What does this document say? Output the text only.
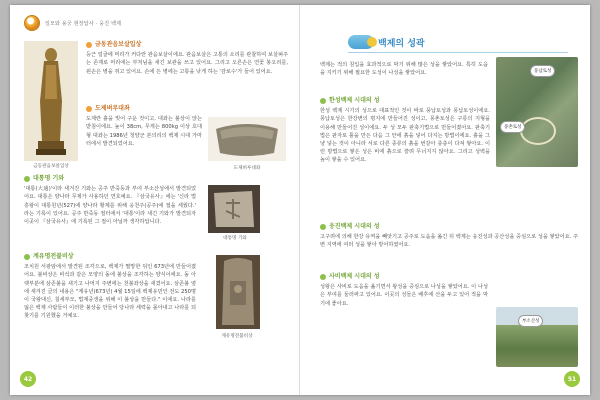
일모와 용궁 현장답사 · 웅진 백제
금동관음보살입상
금동관음보살입상

등근 얼굴에 머리가 커다란 관음보살이에요. 관음보살은 고통의 소리를 관찰하여 보살펴주는 존재로 머리에는 부처님을 새긴 보관을 쓰고 있어요. 그리고 오른손은 연꽃 봉오리를, 왼손은 병을 쥐고 있어요. 손에 든 병에는 고통을 낫게 하는 '감로수'가 들어 있어요.

도제벼루대좌

도제란 흙을 빚어 구운 것이고, 대좌는 불상이 앉는 받침이에요. 높이 38cm, 무게는 800kg 이상 호대형 대좌는 1986년 청양군 본의리의 백제 시대 가마터에서 발견되었어요.

도제벼루대좌
대통명 기와

'대통(大通)'이라 새겨진 기와는 공주 반죽동과 부여 부소산성에서 발견되었어요. 대통은 양나라 무제가 사용하던 연호예요. 『삼국유사』에는 '신라 법흥왕이 대통원년(527)에 양나라 황제를 위해 웅천주(공주)에 절을 세웠다.' 라는 기록이 있어요. 공주 반죽동 절터에서 '대통'이라 새긴 기와가 발견되자 이곳이 『삼국유사』에 기록된 그 절이 아닐까 생각하답니다.

대통명 기와
계유명전불비상

조치원 서광암에서 발견된 조각으로, 백제가 멸망한 뒤인 673년에 만들어졌어요. 불비상은 비석과 같은 모양의 돌에 불상을 조각하는 양식이에요. 돌 아랫부분에 삼존불을 새기고 나머지 주변에는 천불좌상을 새겼어요. 삼존불 옆에 새겨진 글의 내용은 "계유년(673년) 4월 15일에 백제유민인 전도 250명이 국왕대신, 칠세부모, 법계중생을 위해 이 불상을 만들다." 이에요. 나라를 잃은 백제 사람들이 이러한 불상을 만들어 당나라 세력을 몰아내고 나라를 되찾기를 기원했을 거예요.

계유명전불비상
42
백제의 성곽

백제는 적의 침입을 효과적으로 막기 위해 많은 성을 쌓았어요. 특히 도읍을 지키기 위해 필요한 도성이 나성을 쌓았어요.	풍납토성
몽촌토성
한성백제 시대의 성

한성 백제 시기의 성으로 대표적인 것이 바로 풍납토성과 몽납토성이에요. 몽납토성은 한강변의 평지에 만들어진 성이고, 몽촌토성은 구릉의 지형을 이용해 만들어진 성이에요. 두 성 모두 판축기법으로 만들어졌어요. 판축기법은 판자로 틀을 만든 다음 그 안에 흙을 넣어 다지는 방법이에요. 흙을 그냥 넣는 것이 아니라 서로 다른 종류의 흙을 번갈아 층층이 다져 쌓아요. 이런 방법으로 쌓은 성은 비에 흙으로 쓸려 무너지지 않아요. 그리고 성벽을 높이 쌓을 수 있어요.

웅진백제 시대의 성

고구려에 의해 한강 유역을 빼앗기고 공주로 도읍을 옮긴 뒤 백제는 웅진성과 공산성을 중심으로 성을 쌓았어요. 주변 지역에 여러 성을 쌓아 방어하였어요.

사비백제 시대의 성

성왕은 사비로 도읍을 옮기면서 왕성을 중심으로 나성을 쌓았어요. 이 나성은 부여를 둘러싸고 있어요. 이곳의 성들은 배후에 산을 두고 있어 적을 막기에 좋아요.

부소산성
51
